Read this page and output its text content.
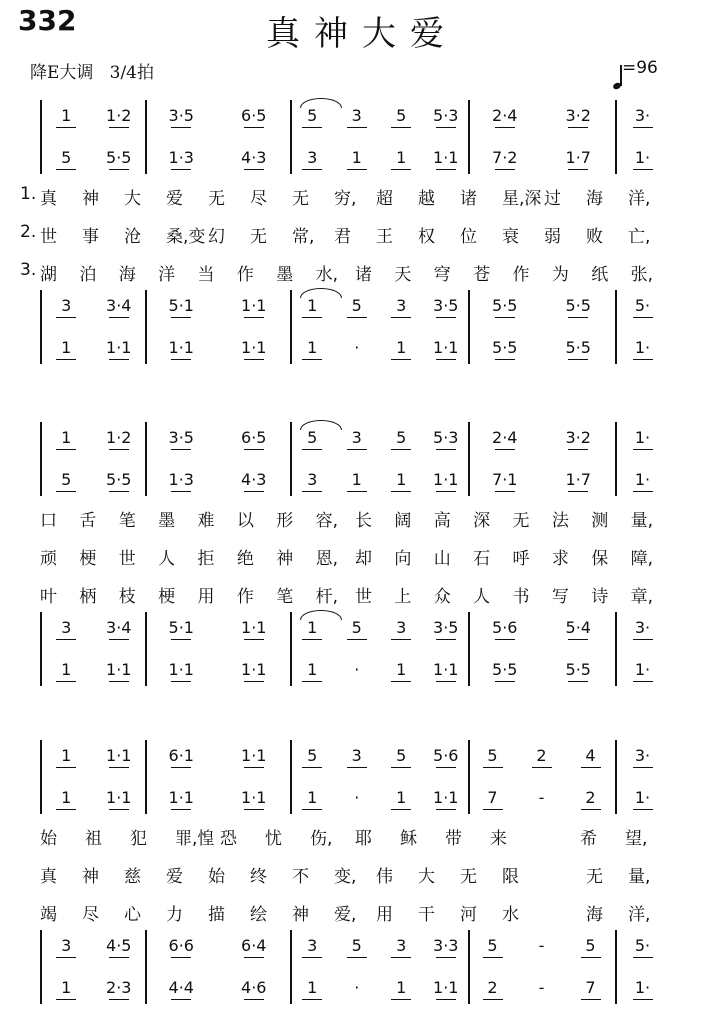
332	真神大爱
降E大调 3/4拍	=96
1 1·2 3·5	6·5	5 3 5 5·3 2·4	3·2	3·
5 5·5 1·3	4·3	3 1 1 1·1 7·2	1·7	1·
3 3·4 5·1	1·1	1 5 3 3·5 5·5	5·5	5·
1 1·1 1·1	1·1	1 · 1 1·1 5·5	5·5	1·
1. 真 神 大 爱 无 尽 无 穷, 超 越 诸 星,深 过 海 洋,
2. 世 事 沧 桑,变 幻 无 常, 君 王 权 位 衰 弱 败 亡,
3. 湖 泊 海 洋 当 作 墨 水, 诸 天 穹 苍 作 为 纸 张,
1 1·2 3·5	6·5	5 3 5 5·3 2·4	3·2	1·
5 5·5 1·3	4·3	3 1 1 1·1 7·1	1·7	1·
3 3·4 5·1	1·1	1 5 3 3·5 5·6	5·4	3·
1 1·1 1·1	1·1	1 · 1 1·1 5·5	5·5	1·
口 舌 笔 墨 难 以 形 容, 长 阔 高 深 无 法 测 量,
顽 梗 世 人 拒 绝 神 恩, 却 向 山 石 呼 求 保 障,
叶 柄 枝 梗 用 作 笔 杆, 世 上 众 人 书 写 诗 章,
1 1·1 6·1	1·1	5 3 5 5·6 5 2 4 3·
1 1·1 1·1	1·1	1 · 1 1·1 7	-	2 1·
3 4·5 6·6	6·4	3 5 3 3·3 5	-	5 5·
1 2·3 4·4	4·6	1 · 1 1·1 2	-	7 1·
始 祖 犯 罪,惶 恐 忧 伤, 耶 稣 带 来	希 望,
真 神 慈 爱 始 终 不 变, 伟 大 无 限	无 量,
竭 尽 心 力 描 绘 神 爱, 用 干 河 水	海 洋,
